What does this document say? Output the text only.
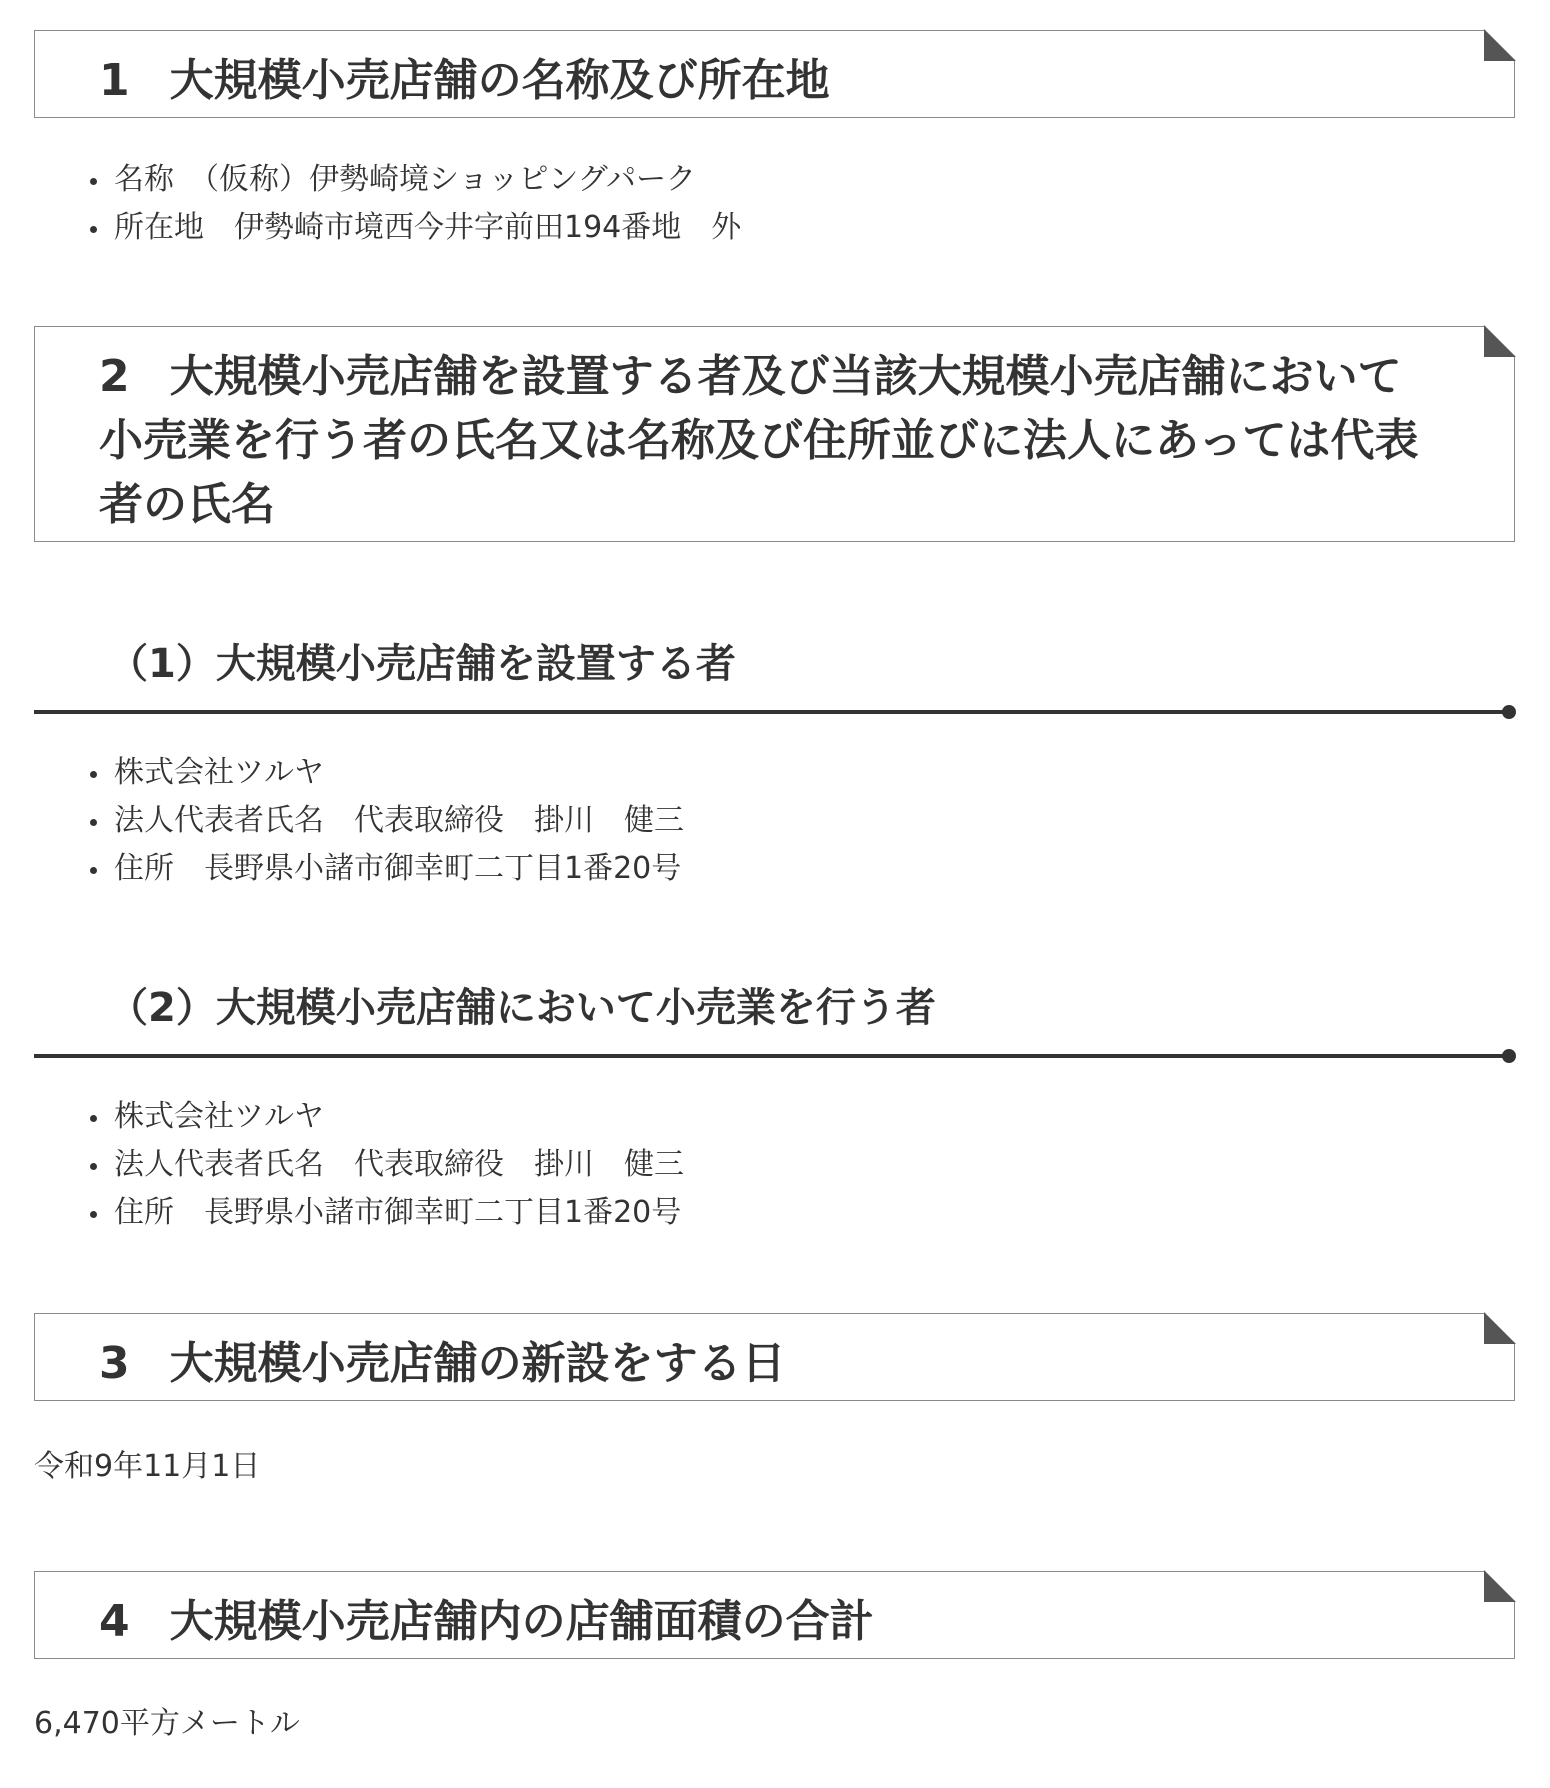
1 大規模小売店舗の名称及び所在地
名称　（仮称）伊勢崎境ショッピングパーク
所在地　伊勢崎市境西今井字前田194番地　外
2 大規模小売店舗を設置する者及び当該大規模小売店舗において小売業を行う者の氏名又は名称及び住所並びに法人にあっては代表者の氏名
（1）大規模小売店舗を設置する者
株式会社ツルヤ
法人代表者氏名　代表取締役　掛川　健三
住所　長野県小諸市御幸町二丁目1番20号
（2）大規模小売店舗において小売業を行う者
株式会社ツルヤ
法人代表者氏名　代表取締役　掛川　健三
住所　長野県小諸市御幸町二丁目1番20号
3 大規模小売店舗の新設をする日
令和9年11月1日
4 大規模小売店舗内の店舗面積の合計
6,470平方メートル
